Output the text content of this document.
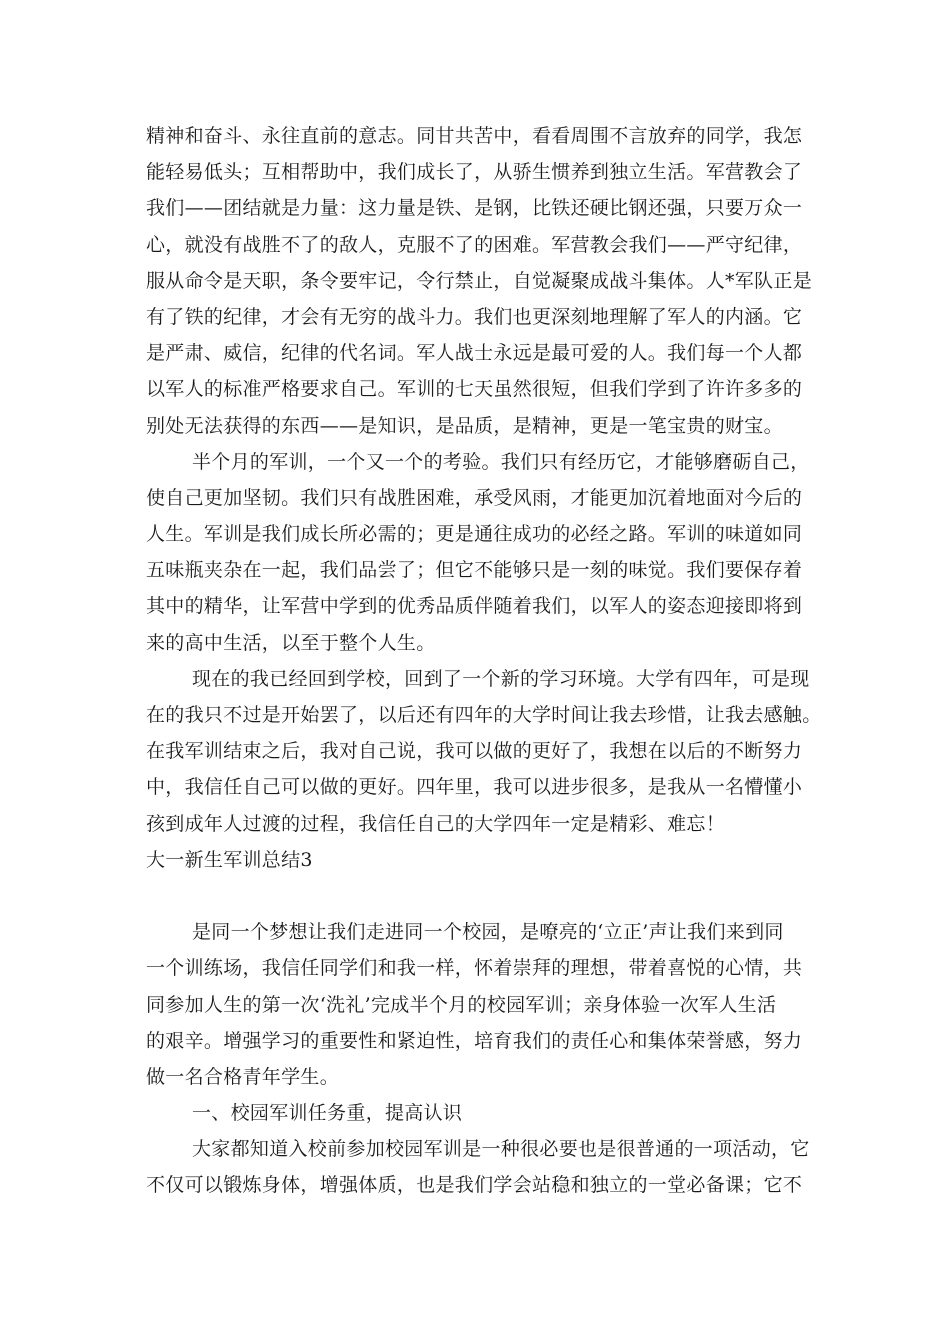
精神和奋斗、永往直前的意志。同甘共苦中，看看周围不言放弃的同学，我怎
能轻易低头；互相帮助中，我们成长了，从骄生惯养到独立生活。军营教会了
我们——团结就是力量：这力量是铁、是钢，比铁还硬比钢还强，只要万众一
心，就没有战胜不了的敌人，克服不了的困难。军营教会我们——严守纪律，
服从命令是天职，条令要牢记，令行禁止，自觉凝聚成战斗集体。人*军队正是
有了铁的纪律，才会有无穷的战斗力。我们也更深刻地理解了军人的内涵。它
是严肃、威信，纪律的代名词。军人战士永远是最可爱的人。我们每一个人都
以军人的标准严格要求自己。军训的七天虽然很短，但我们学到了许许多多的
别处无法获得的东西——是知识，是品质，是精神，更是一笔宝贵的财宝。
半个月的军训，一个又一个的考验。我们只有经历它，才能够磨砺自己，
使自己更加坚韧。我们只有战胜困难，承受风雨，才能更加沉着地面对今后的
人生。军训是我们成长所必需的；更是通往成功的必经之路。军训的味道如同
五味瓶夹杂在一起，我们品尝了；但它不能够只是一刻的味觉。我们要保存着
其中的精华，让军营中学到的优秀品质伴随着我们，以军人的姿态迎接即将到
来的高中生活，以至于整个人生。
现在的我已经回到学校，回到了一个新的学习环境。大学有四年，可是现
在的我只不过是开始罢了，以后还有四年的大学时间让我去珍惜，让我去感触。
在我军训结束之后，我对自己说，我可以做的更好了，我想在以后的不断努力
中，我信任自己可以做的更好。四年里，我可以进步很多，是我从一名懵懂小
孩到成年人过渡的过程，我信任自己的大学四年一定是精彩、难忘！
大一新生军训总结3
是同一个梦想让我们走进同一个校园，是嘹亮的‘立正’声让我们来到同
一个训练场，我信任同学们和我一样，怀着崇拜的理想，带着喜悦的心情，共
同参加人生的第一次‘洗礼’完成半个月的校园军训；亲身体验一次军人生活
的艰辛。增强学习的重要性和紧迫性，培育我们的责任心和集体荣誉感，努力
做一名合格青年学生。
一、校园军训任务重，提高认识
大家都知道入校前参加校园军训是一种很必要也是很普通的一项活动，它
不仅可以锻炼身体，增强体质，也是我们学会站稳和独立的一堂必备课；它不
